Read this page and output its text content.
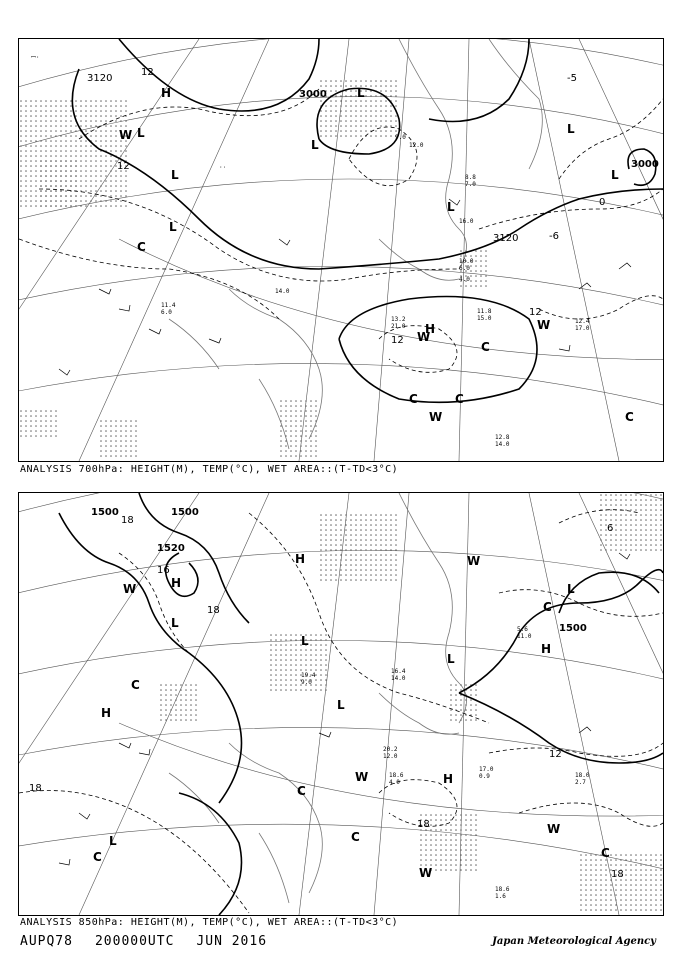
ꟷ·
··
3120
3000
3120
3000
12
12
12
12
-5
0
-6
H
L
L
L
W
C
L
L
L
L
H
W
C
C	C
W	C
W
L
11.4
6.0
12.4
17.0
13.2
21.0
11.8
15.0
10.0
6.0
12.8
14.0
9.0
12.0
8.8
7.0
16.0
4.0
14.0
ANALYSIS 700hPa: HEIGHT(M), TEMP(°C), WET AREA::(T-TD<3°C)
1500	1500
1520
1500
18
18
18
18
18
12
6
16
H
L
H
L
W
H
C
H
C
C
L
H
L
W
C
W
C
L
W
W
C
L
18.6
1.6
17.0
0.9
20.2
12.0
18.6
4.0
18.0
2.7
5.6
11.0
19.4
9.0
16.4
14.0
ANALYSIS 850hPa: HEIGHT(M), TEMP(°C), WET AREA::(T-TD<3°C)
AUPQ78 200000UTC JUN 2016	Japan Meteorological Agency
